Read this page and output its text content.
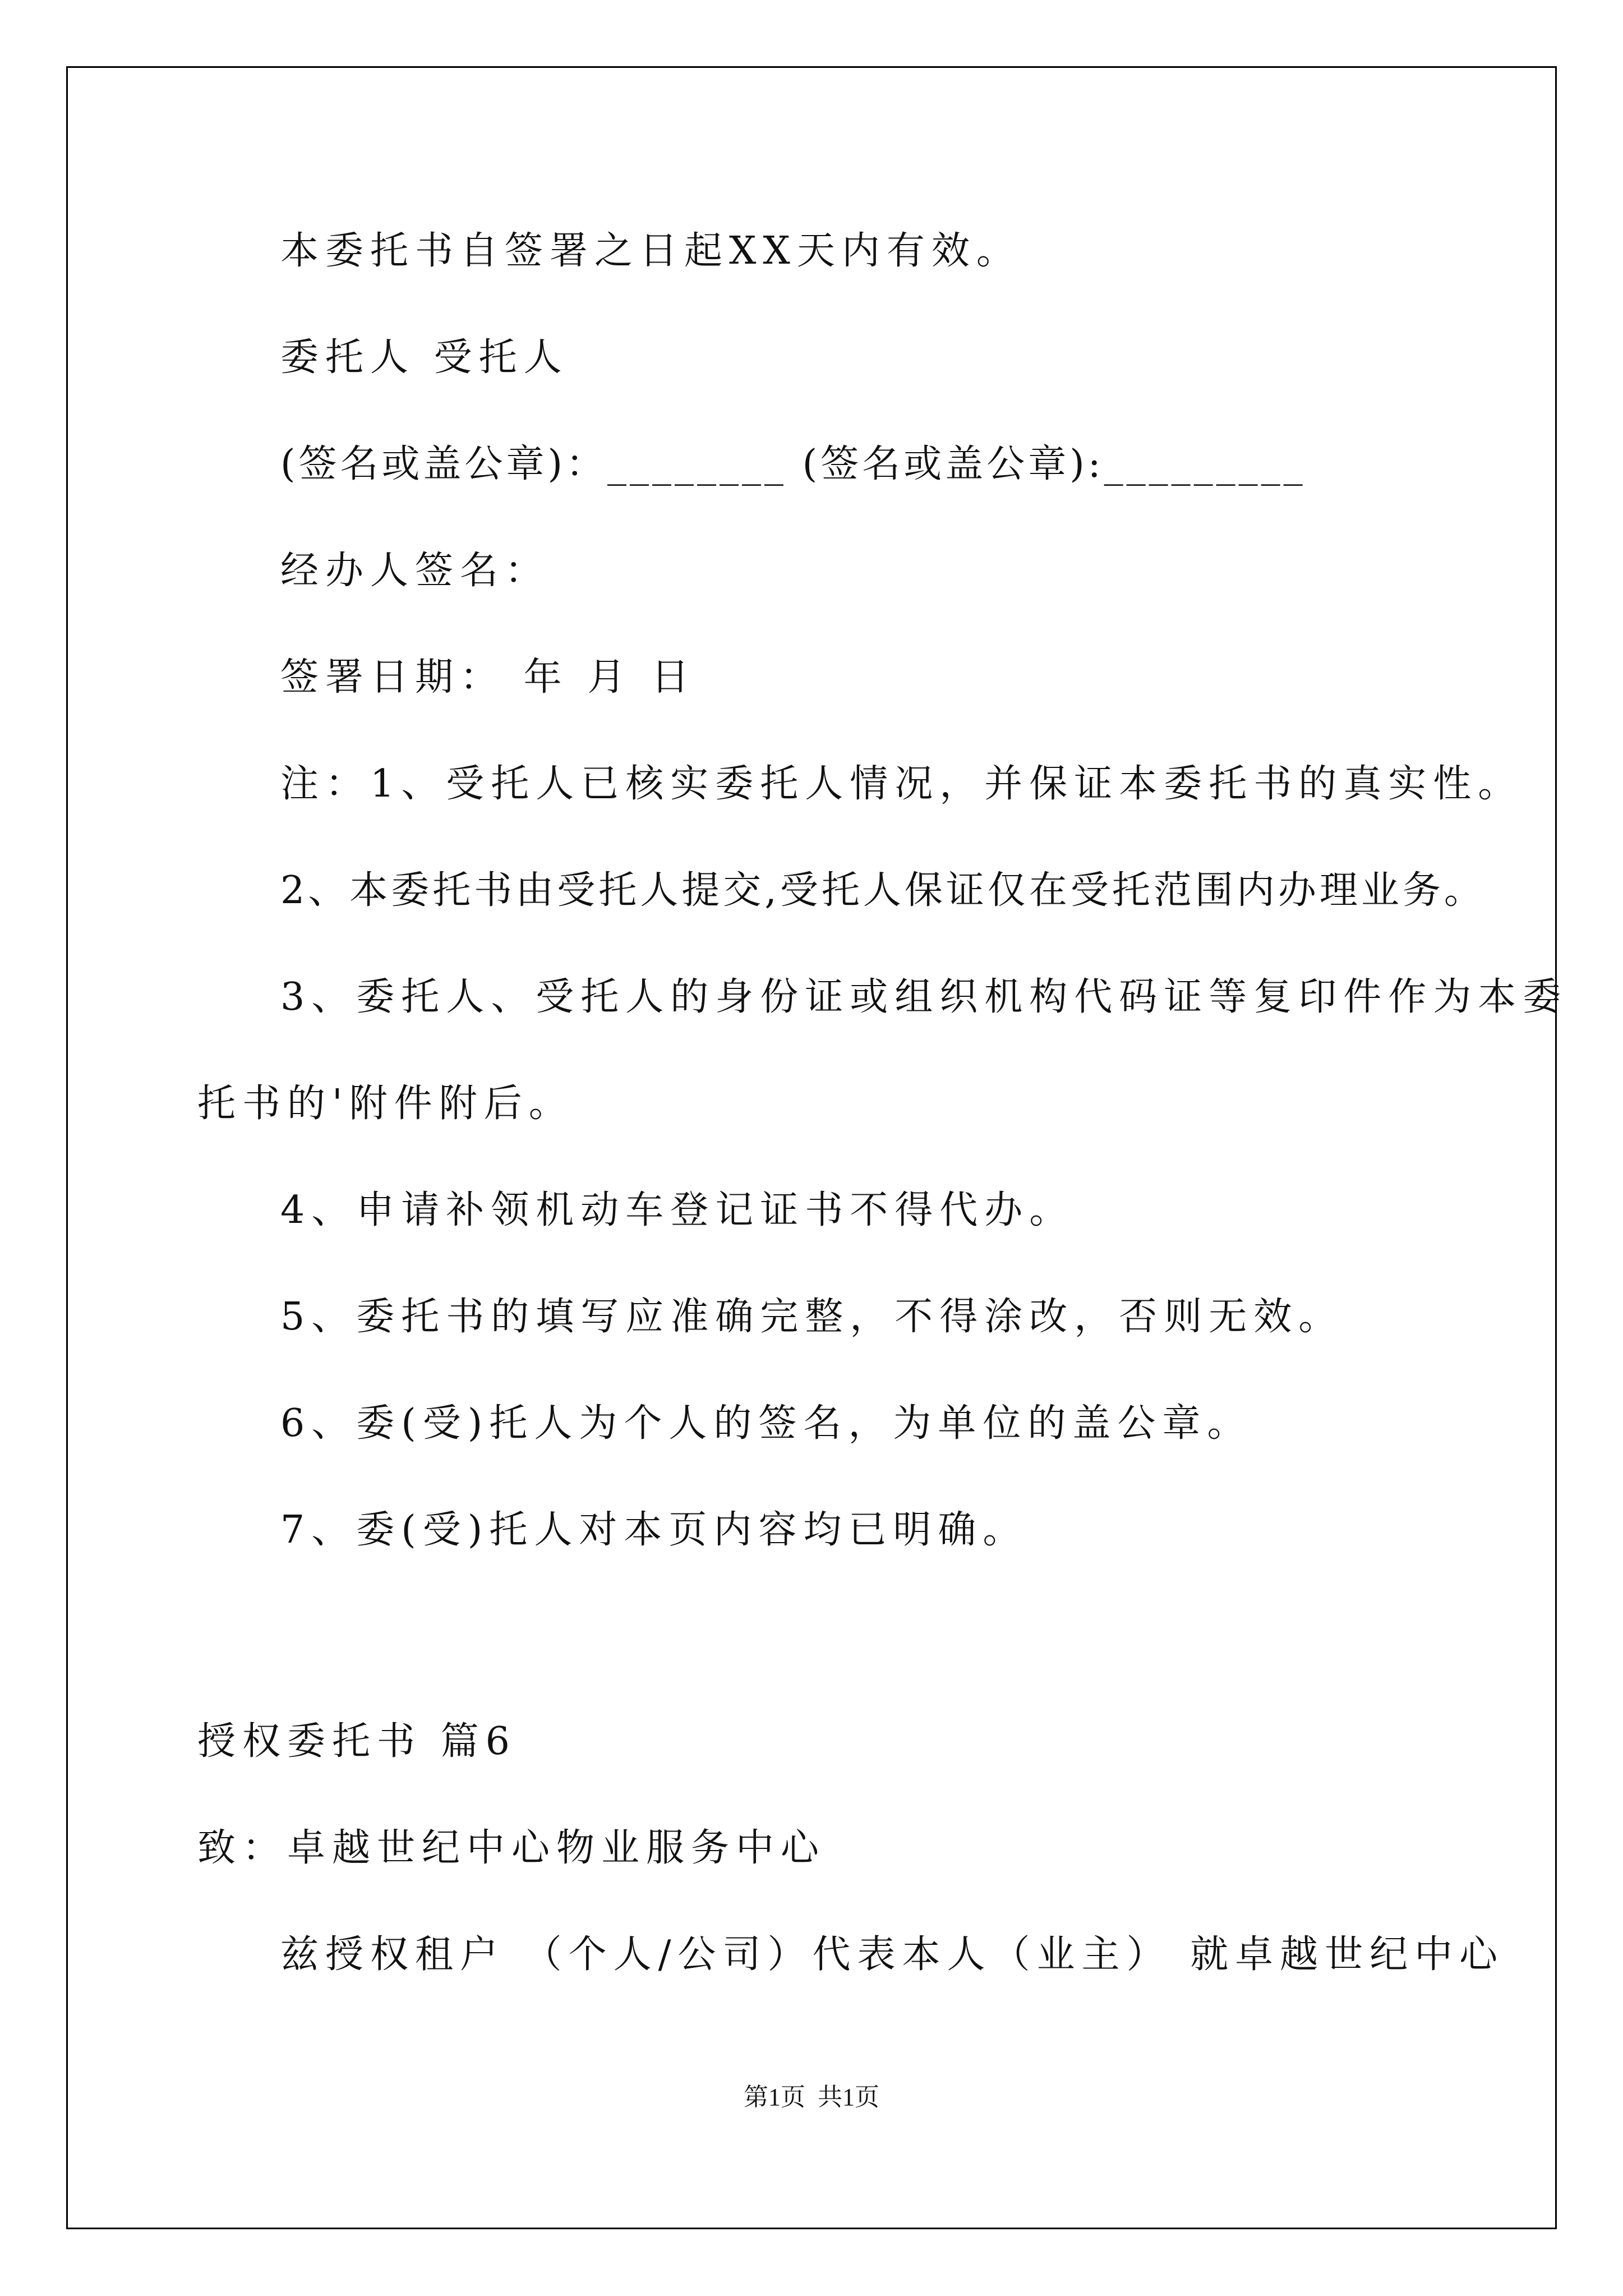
本委托书自签署之日起XX天内有效。
委托人 受托人
(签名或盖公章)：________ (签名或盖公章):_________
经办人签名：
签署日期： 年 月 日
注：1、受托人已核实委托人情况，并保证本委托书的真实性。
2、本委托书由受托人提交,受托人保证仅在受托范围内办理业务。
3、委托人、受托人的身份证或组织机构代码证等复印件作为本委
托书的'附件附后。
4、申请补领机动车登记证书不得代办。
5、委托书的填写应准确完整，不得涂改，否则无效。
6、委(受)托人为个人的签名，为单位的盖公章。
7、委(受)托人对本页内容均已明确。
授权委托书 篇6
致：卓越世纪中心物业服务中心
兹授权租户 （个人/公司）代表本人（业主） 就卓越世纪中心
第1页  共1页
